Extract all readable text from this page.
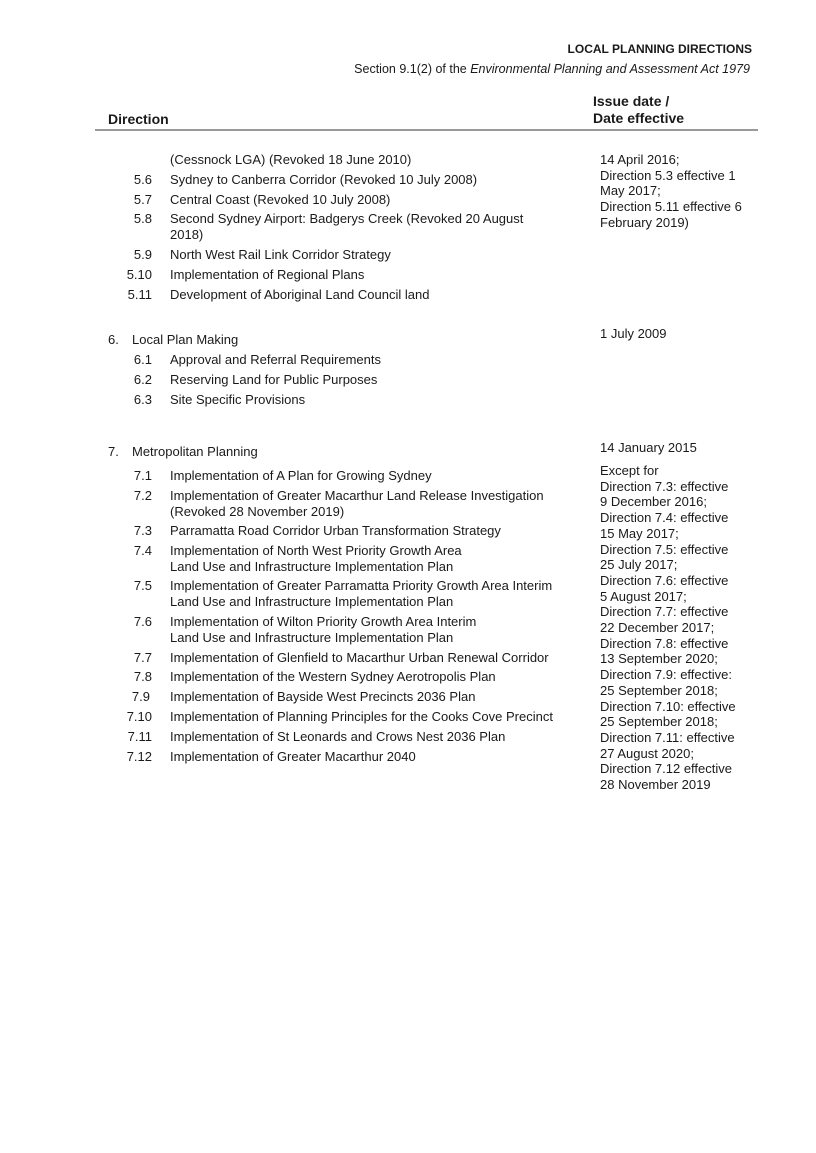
LOCAL PLANNING DIRECTIONS
Section 9.1(2) of the Environmental Planning and Assessment Act 1979
Direction
Issue date /
Date effective
(Cessnock LGA) (Revoked 18 June 2010)
5.6 Sydney to Canberra Corridor (Revoked 10 July 2008)
5.7 Central Coast (Revoked 10 July 2008)
5.8 Second Sydney Airport: Badgerys Creek (Revoked 20 August
2018)
5.9 North West Rail Link Corridor Strategy
5.10 Implementation of Regional Plans
5.11 Development of Aboriginal Land Council land
14 April 2016;
Direction 5.3 effective 1
May 2017;
Direction 5.11 effective 6
February 2019)
6. Local Plan Making	1 July 2009
6.1 Approval and Referral Requirements
6.2 Reserving Land for Public Purposes
6.3 Site Specific Provisions
7. Metropolitan Planning	14 January 2015
7.1 Implementation of A Plan for Growing Sydney
7.2 Implementation of Greater Macarthur Land Release Investigation
(Revoked 28 November 2019)
7.3 Parramatta Road Corridor Urban Transformation Strategy
7.4 Implementation of North West Priority Growth Area
Land Use and Infrastructure Implementation Plan
7.5 Implementation of Greater Parramatta Priority Growth Area Interim
Land Use and Infrastructure Implementation Plan
7.6 Implementation of Wilton Priority Growth Area Interim
Land Use and Infrastructure Implementation Plan
7.7 Implementation of Glenfield to Macarthur Urban Renewal Corridor
7.8 Implementation of the Western Sydney Aerotropolis Plan
7.9 Implementation of Bayside West Precincts 2036 Plan
7.10 Implementation of Planning Principles for the Cooks Cove Precinct
7.11 Implementation of St Leonards and Crows Nest 2036 Plan
7.12 Implementation of Greater Macarthur 2040
Except for
Direction 7.3: effective
9 December 2016;
Direction 7.4: effective
15 May 2017;
Direction 7.5: effective
25 July 2017;
Direction 7.6: effective
5 August 2017;
Direction 7.7: effective
22 December 2017;
Direction 7.8: effective
13 September 2020;
Direction 7.9: effective:
25 September 2018;
Direction 7.10: effective
25 September 2018;
Direction 7.11: effective
27 August 2020;
Direction 7.12 effective
28 November 2019
